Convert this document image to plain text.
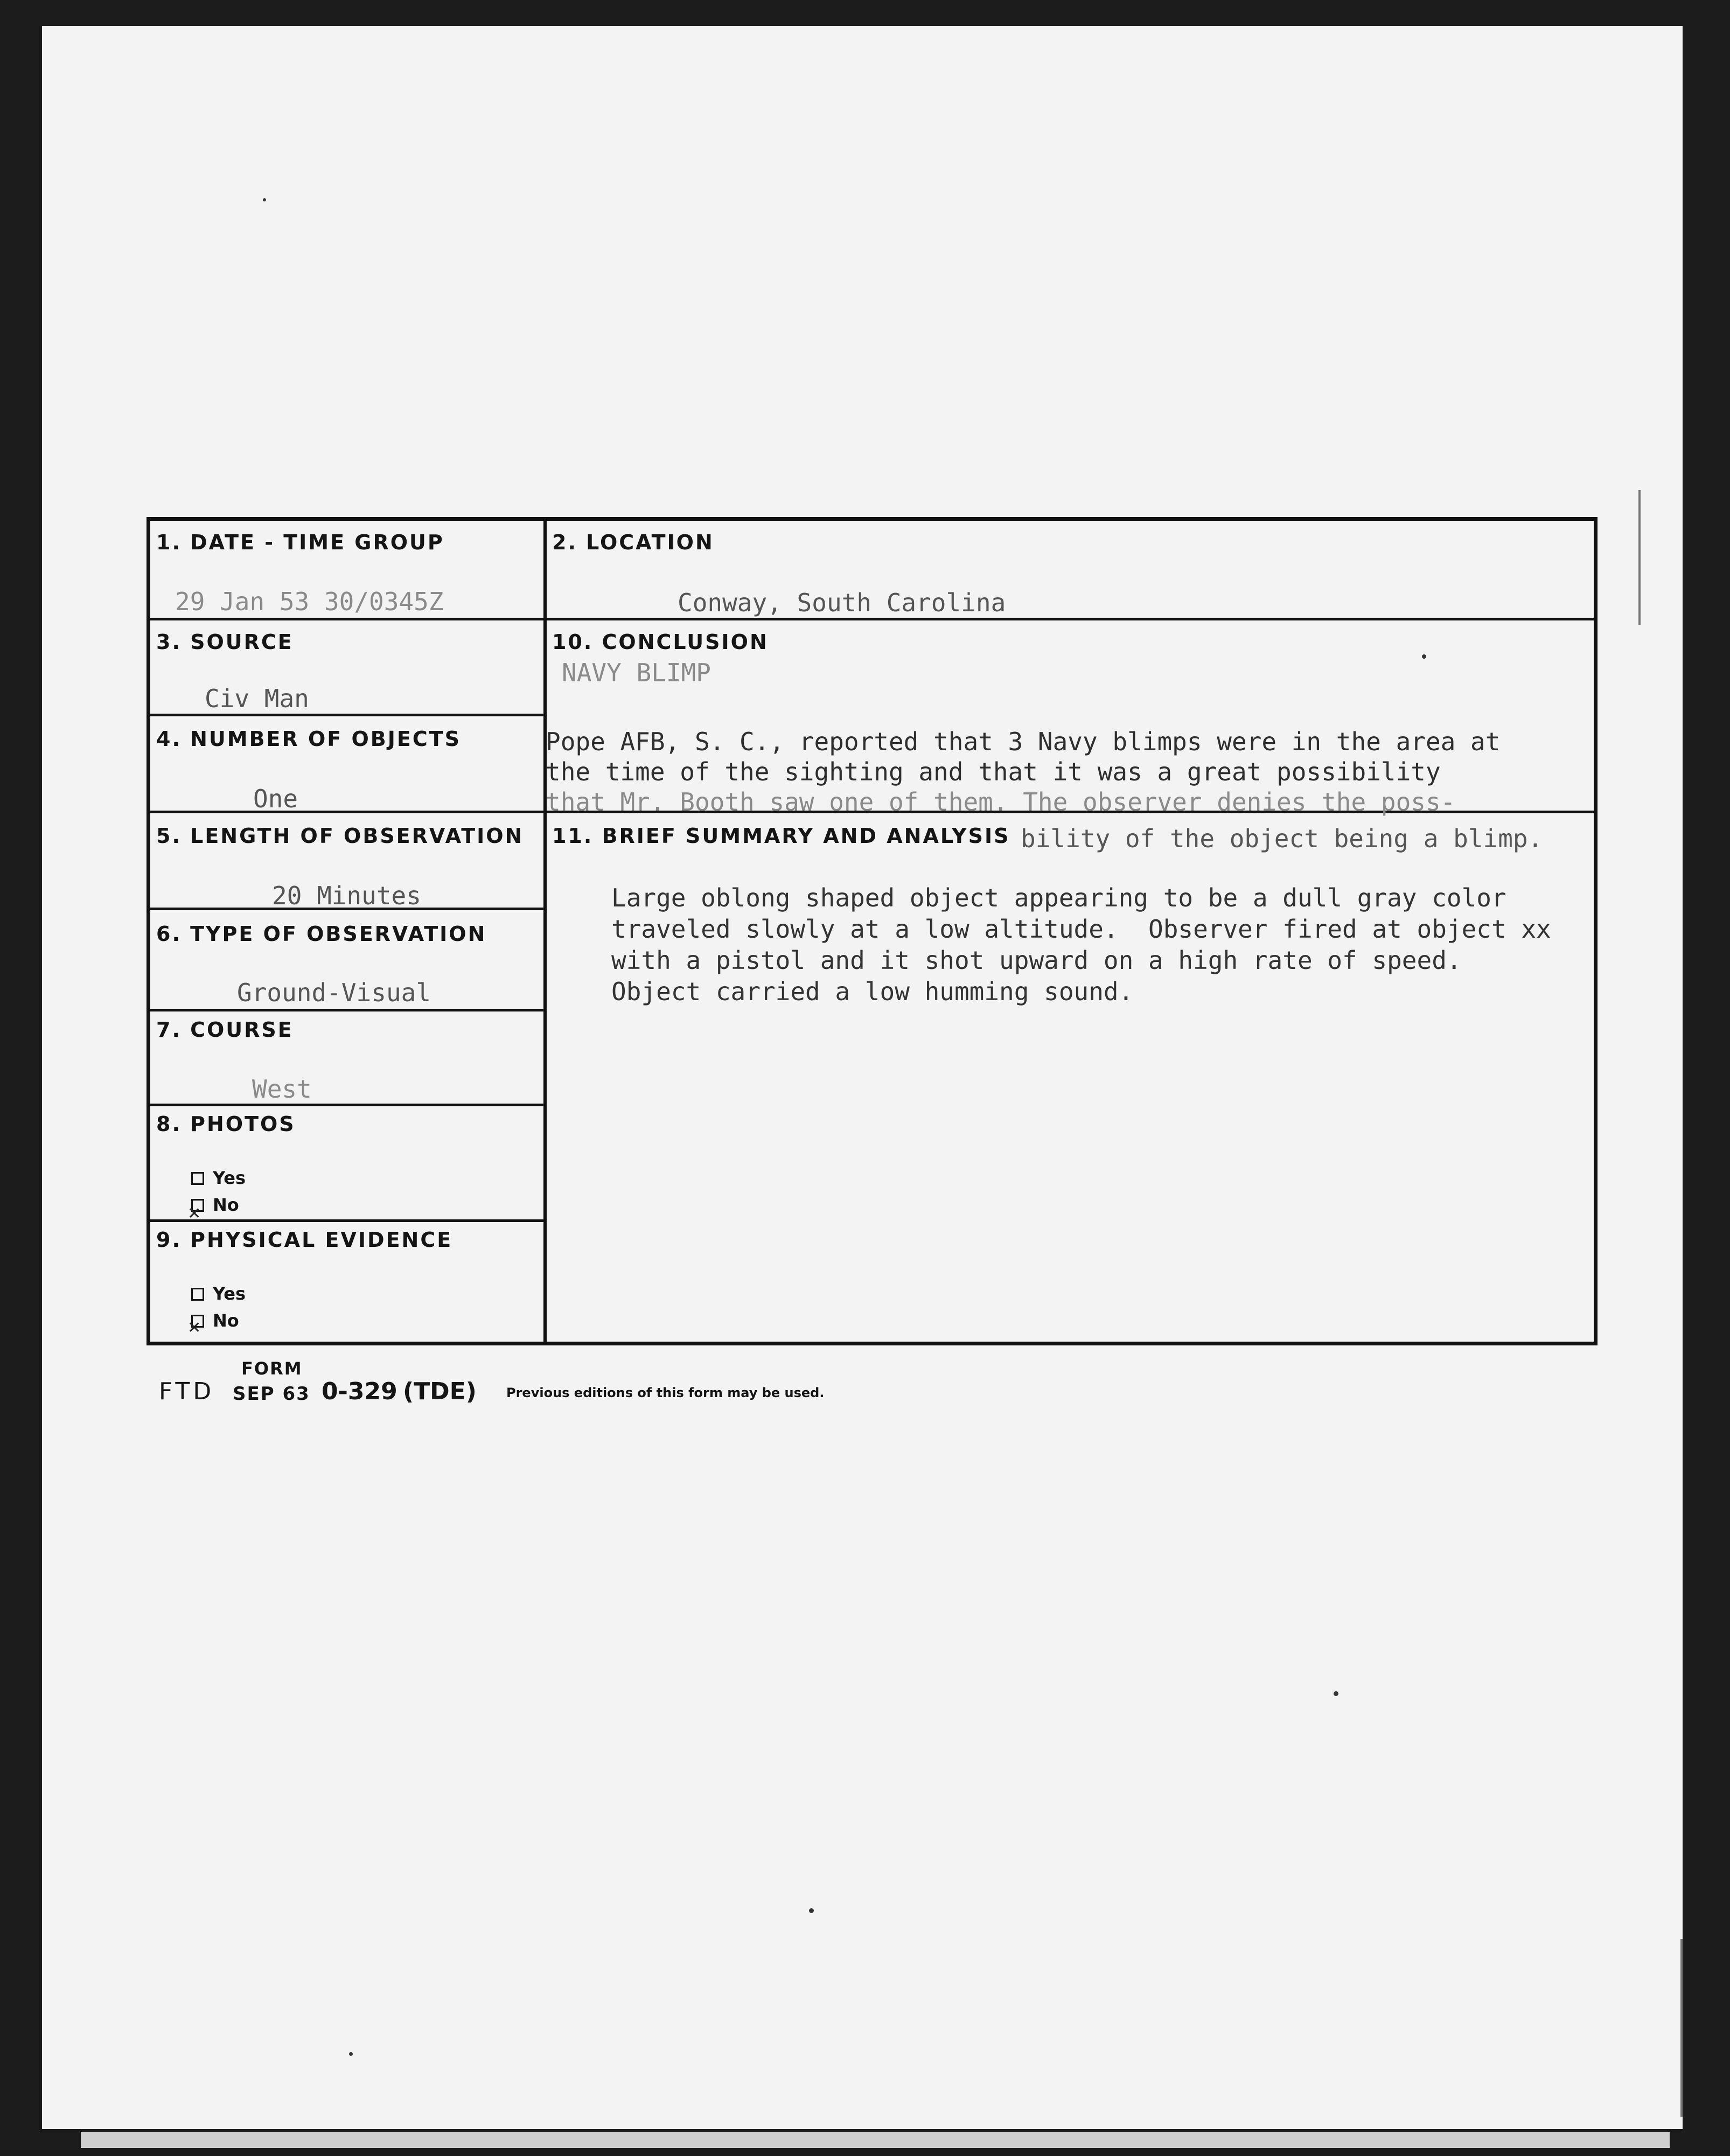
1. DATE - TIME GROUP
29 Jan 53 30/0345Z
2. LOCATION
Conway, South Carolina
3. SOURCE
Civ Man
10. CONCLUSION
NAVY BLIMP
Pope AFB, S. C., reported that 3 Navy blimps were in the area at
the time of the sighting and that it was a great possibility
that Mr. Booth saw one of them. The observer denies the poss-
bility of the object being a blimp.
4. NUMBER OF OBJECTS
One
5. LENGTH OF OBSERVATION
20 Minutes
11. BRIEF SUMMARY AND ANALYSIS
Large oblong shaped object appearing to be a dull gray color
traveled slowly at a low altitude.  Observer fired at object xx
with a pistol and it shot upward on a high rate of speed.
Object carried a low humming sound.
6. TYPE OF OBSERVATION
Ground-Visual
7. COURSE
West
8. PHOTOS
Yes
No
✕
9. PHYSICAL EVIDENCE
Yes
No
✕
FORM
FTD SEP 63 0-329 (TDE) Previous editions of this form may be used.
